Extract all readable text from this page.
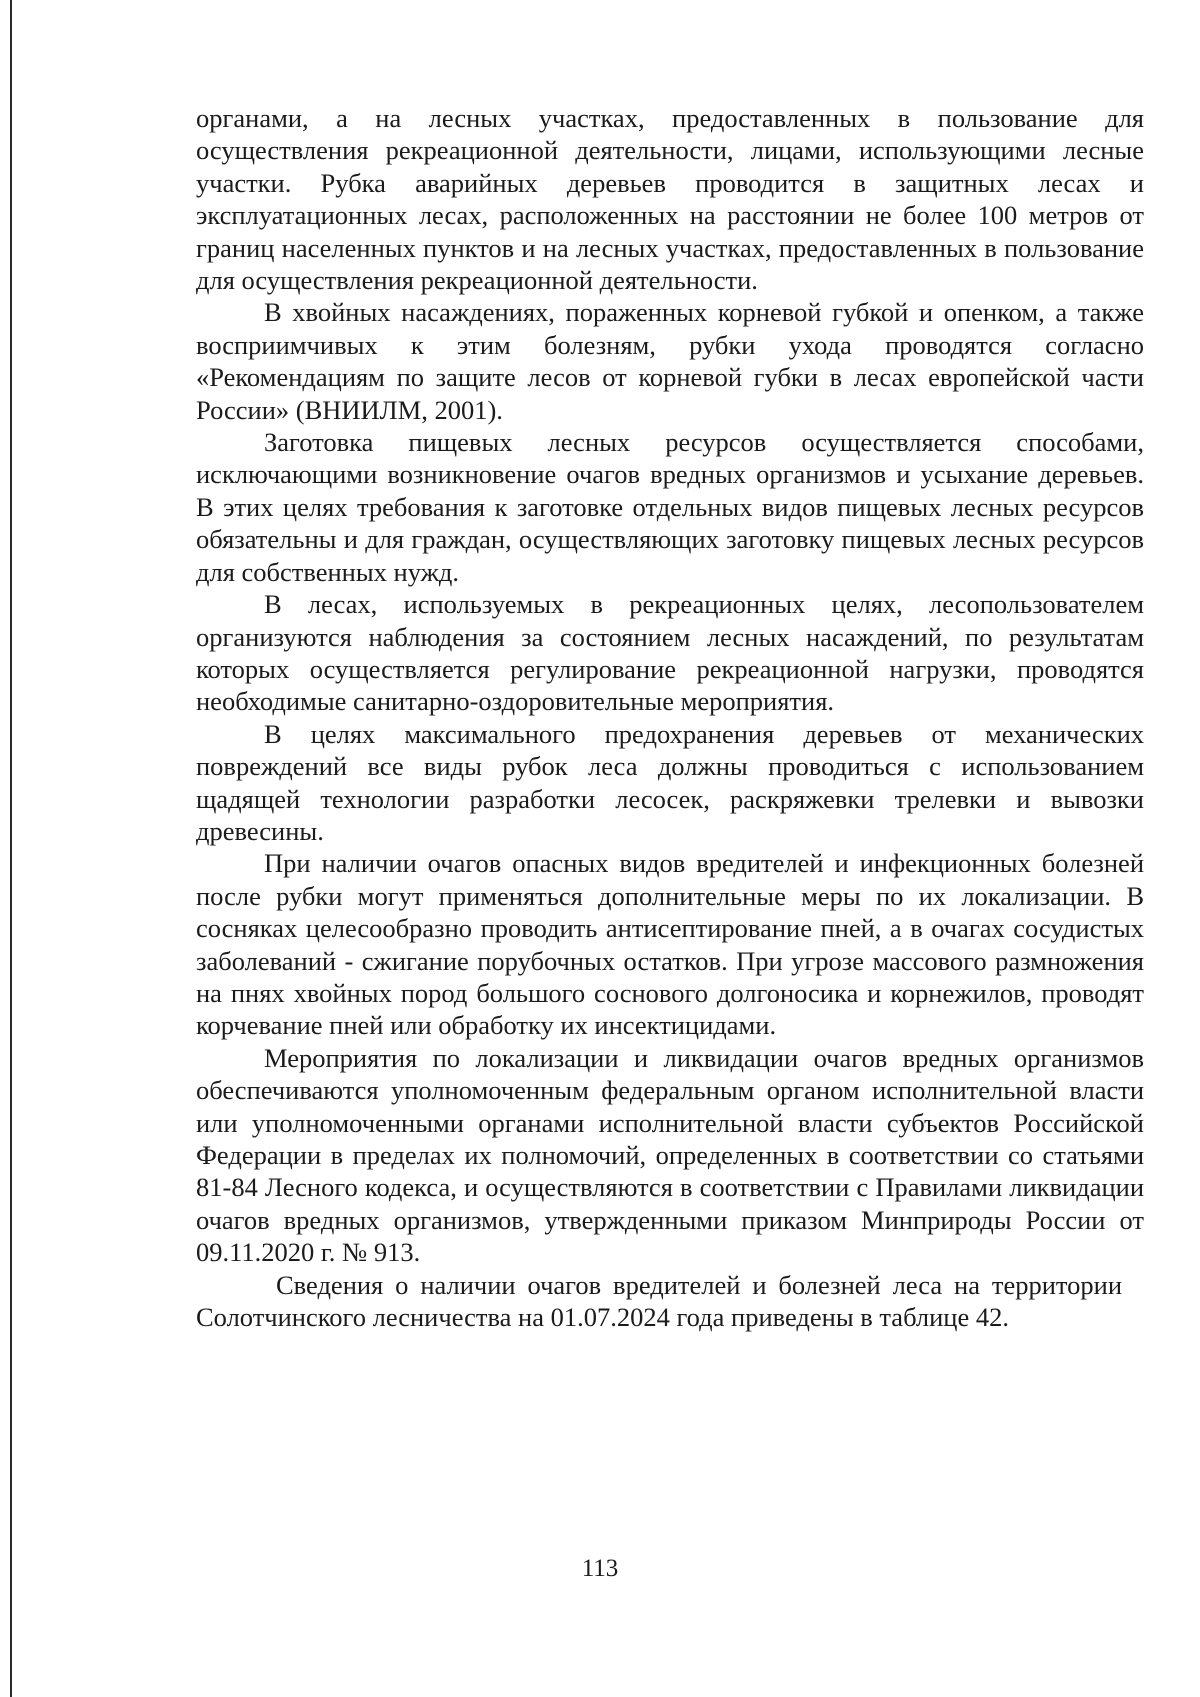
органами, а на лесных участках, предоставленных в пользование для осуществления рекреационной деятельности, лицами, использующими лесные участки. Рубка аварийных деревьев проводится в защитных лесах и эксплуатационных лесах, расположенных на расстоянии не более 100 метров от границ населенных пунктов и на лесных участках, предоставленных в пользование для осуществления рекреационной деятельности.

В хвойных насаждениях, пораженных корневой губкой и опенком, а также восприимчивых к этим болезням, рубки ухода проводятся согласно «Рекомендациям по защите лесов от корневой губки в лесах европейской части России» (ВНИИЛМ, 2001).

Заготовка пищевых лесных ресурсов осуществляется способами, исключающими возникновение очагов вредных организмов и усыхание деревьев. В этих целях требования к заготовке отдельных видов пищевых лесных ресурсов обязательны и для граждан, осуществляющих заготовку пищевых лесных ресурсов для собственных нужд.

В лесах, используемых в рекреационных целях, лесопользователем организуются наблюдения за состоянием лесных насаждений, по результатам которых осуществляется регулирование рекреационной нагрузки, проводятся необходимые санитарно-оздоровительные мероприятия.

В целях максимального предохранения деревьев от механических повреждений все виды рубок леса должны проводиться с использованием щадящей технологии разработки лесосек, раскряжевки трелевки и вывозки древесины.

При наличии очагов опасных видов вредителей и инфекционных болезней после рубки могут применяться дополнительные меры по их локализации. В сосняках целесообразно проводить антисептирование пней, а в очагах сосудистых заболеваний - сжигание порубочных остатков. При угрозе массового размножения на пнях хвойных пород большого соснового долгоносика и корнежилов, проводят корчевание пней или обработку их инсектицидами.

Мероприятия по локализации и ликвидации очагов вредных организмов обеспечиваются уполномоченным федеральным органом исполнительной власти или уполномоченными органами исполнительной власти субъектов Российской Федерации в пределах их полномочий, определенных в соответствии со статьями 81-84 Лесного кодекса, и осуществляются в соответствии с Правилами ликвидации очагов вредных организмов, утвержденными приказом Минприроды России от 09.11.2020 г. № 913.

Сведения о наличии очагов вредителей и болезней леса на территории Солотчинского лесничества на 01.07.2024 года приведены в таблице 42.

113
